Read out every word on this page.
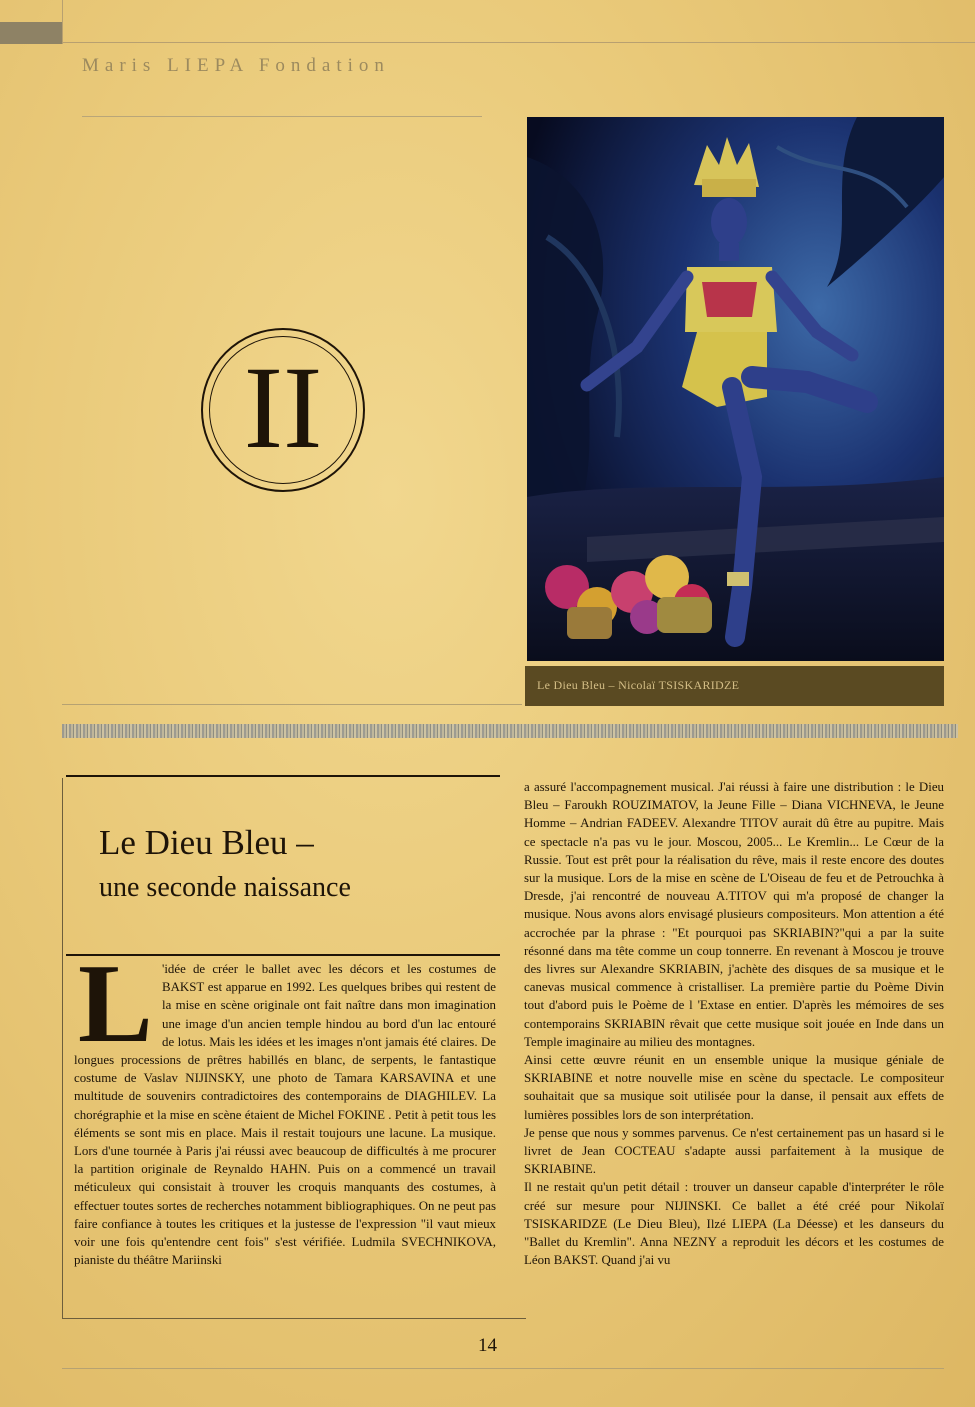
Maris LIEPA Fondation
II
Le Dieu Bleu – Nicolaï TSISKARIDZE
Le Dieu Bleu –
une seconde naissance
L 'idée de créer le ballet avec les décors et les costumes de BAKST est apparue en 1992. Les quelques bribes qui restent de la mise en scène originale ont fait naître dans mon imagination une image d'un ancien temple hindou au bord d'un lac entouré de lotus. Mais les idées et les images n'ont jamais été claires. De longues processions de prêtres habillés en blanc, de serpents, le fantastique costume de Vaslav NIJINSKY, une photo de Tamara KARSAVINA et une multitude de souvenirs contradictoires des contemporains de DIAGHILEV. La chorégraphie et la mise en scène étaient de Michel FOKINE . Petit à petit tous les éléments se sont mis en place. Mais il restait toujours une lacune. La musique. Lors d'une tournée à Paris j'ai réussi avec beaucoup de difficultés à me procurer la partition originale de Reynaldo HAHN. Puis on a commencé un travail méticuleux qui consistait à trouver les croquis manquants des costumes, à effectuer toutes sortes de recherches notamment bibliographiques. On ne peut pas faire confiance à toutes les critiques et la justesse de l'expression "il vaut mieux voir une fois qu'entendre cent fois" s'est vérifiée. Ludmila SVECHNIKOVA, pianiste du théâtre Mariinski

a assuré l'accompagnement musical. J'ai réussi à faire une distribution : le Dieu Bleu – Faroukh ROUZIMATOV, la Jeune Fille – Diana VICHNEVA, le Jeune Homme – Andrian FADEEV. Alexandre TITOV aurait dû être au pupitre. Mais ce spectacle n'a pas vu le jour. Moscou, 2005... Le Kremlin... Le Cœur de la Russie. Tout est prêt pour la réalisation du rêve, mais il reste encore des doutes sur la musique. Lors de la mise en scène de L'Oiseau de feu et de Petrouchka à Dresde, j'ai rencontré de nouveau A.TITOV qui m'a proposé de changer la musique. Nous avons alors envisagé plusieurs compositeurs. Mon attention a été accrochée par la phrase : "Et pourquoi pas SKRIABIN?"qui a par la suite résonné dans ma tête comme un coup tonnerre. En revenant à Moscou je trouve des livres sur Alexandre SKRIABIN, j'achète des disques de sa musique et le canevas musical commence à cristalliser. La première partie du Poème Divin tout d'abord puis le Poème de l 'Extase en entier. D'après les mémoires de ses contemporains SKRIABIN rêvait que cette musique soit jouée en Inde dans un Temple imaginaire au milieu des montagnes.

Ainsi cette œuvre réunit en un ensemble unique la musique géniale de SKRIABINE et notre nouvelle mise en scène du spectacle. Le compositeur souhaitait que sa musique soit utilisée pour la danse, il pensait aux effets de lumières possibles lors de son interprétation.

Je pense que nous y sommes parvenus. Ce n'est certainement pas un hasard si le livret de Jean COCTEAU s'adapte aussi parfaitement à la musique de SKRIABINE.

Il ne restait qu'un petit détail : trouver un danseur capable d'interpréter le rôle créé sur mesure pour NIJINSKI. Ce ballet a été créé pour Nikolaï TSISKARIDZE (Le Dieu Bleu), Ilzé LIEPA (La Déesse) et les danseurs du "Ballet du Kremlin". Anna NEZNY a reproduit les décors et les costumes de Léon BAKST. Quand j'ai vu

14
